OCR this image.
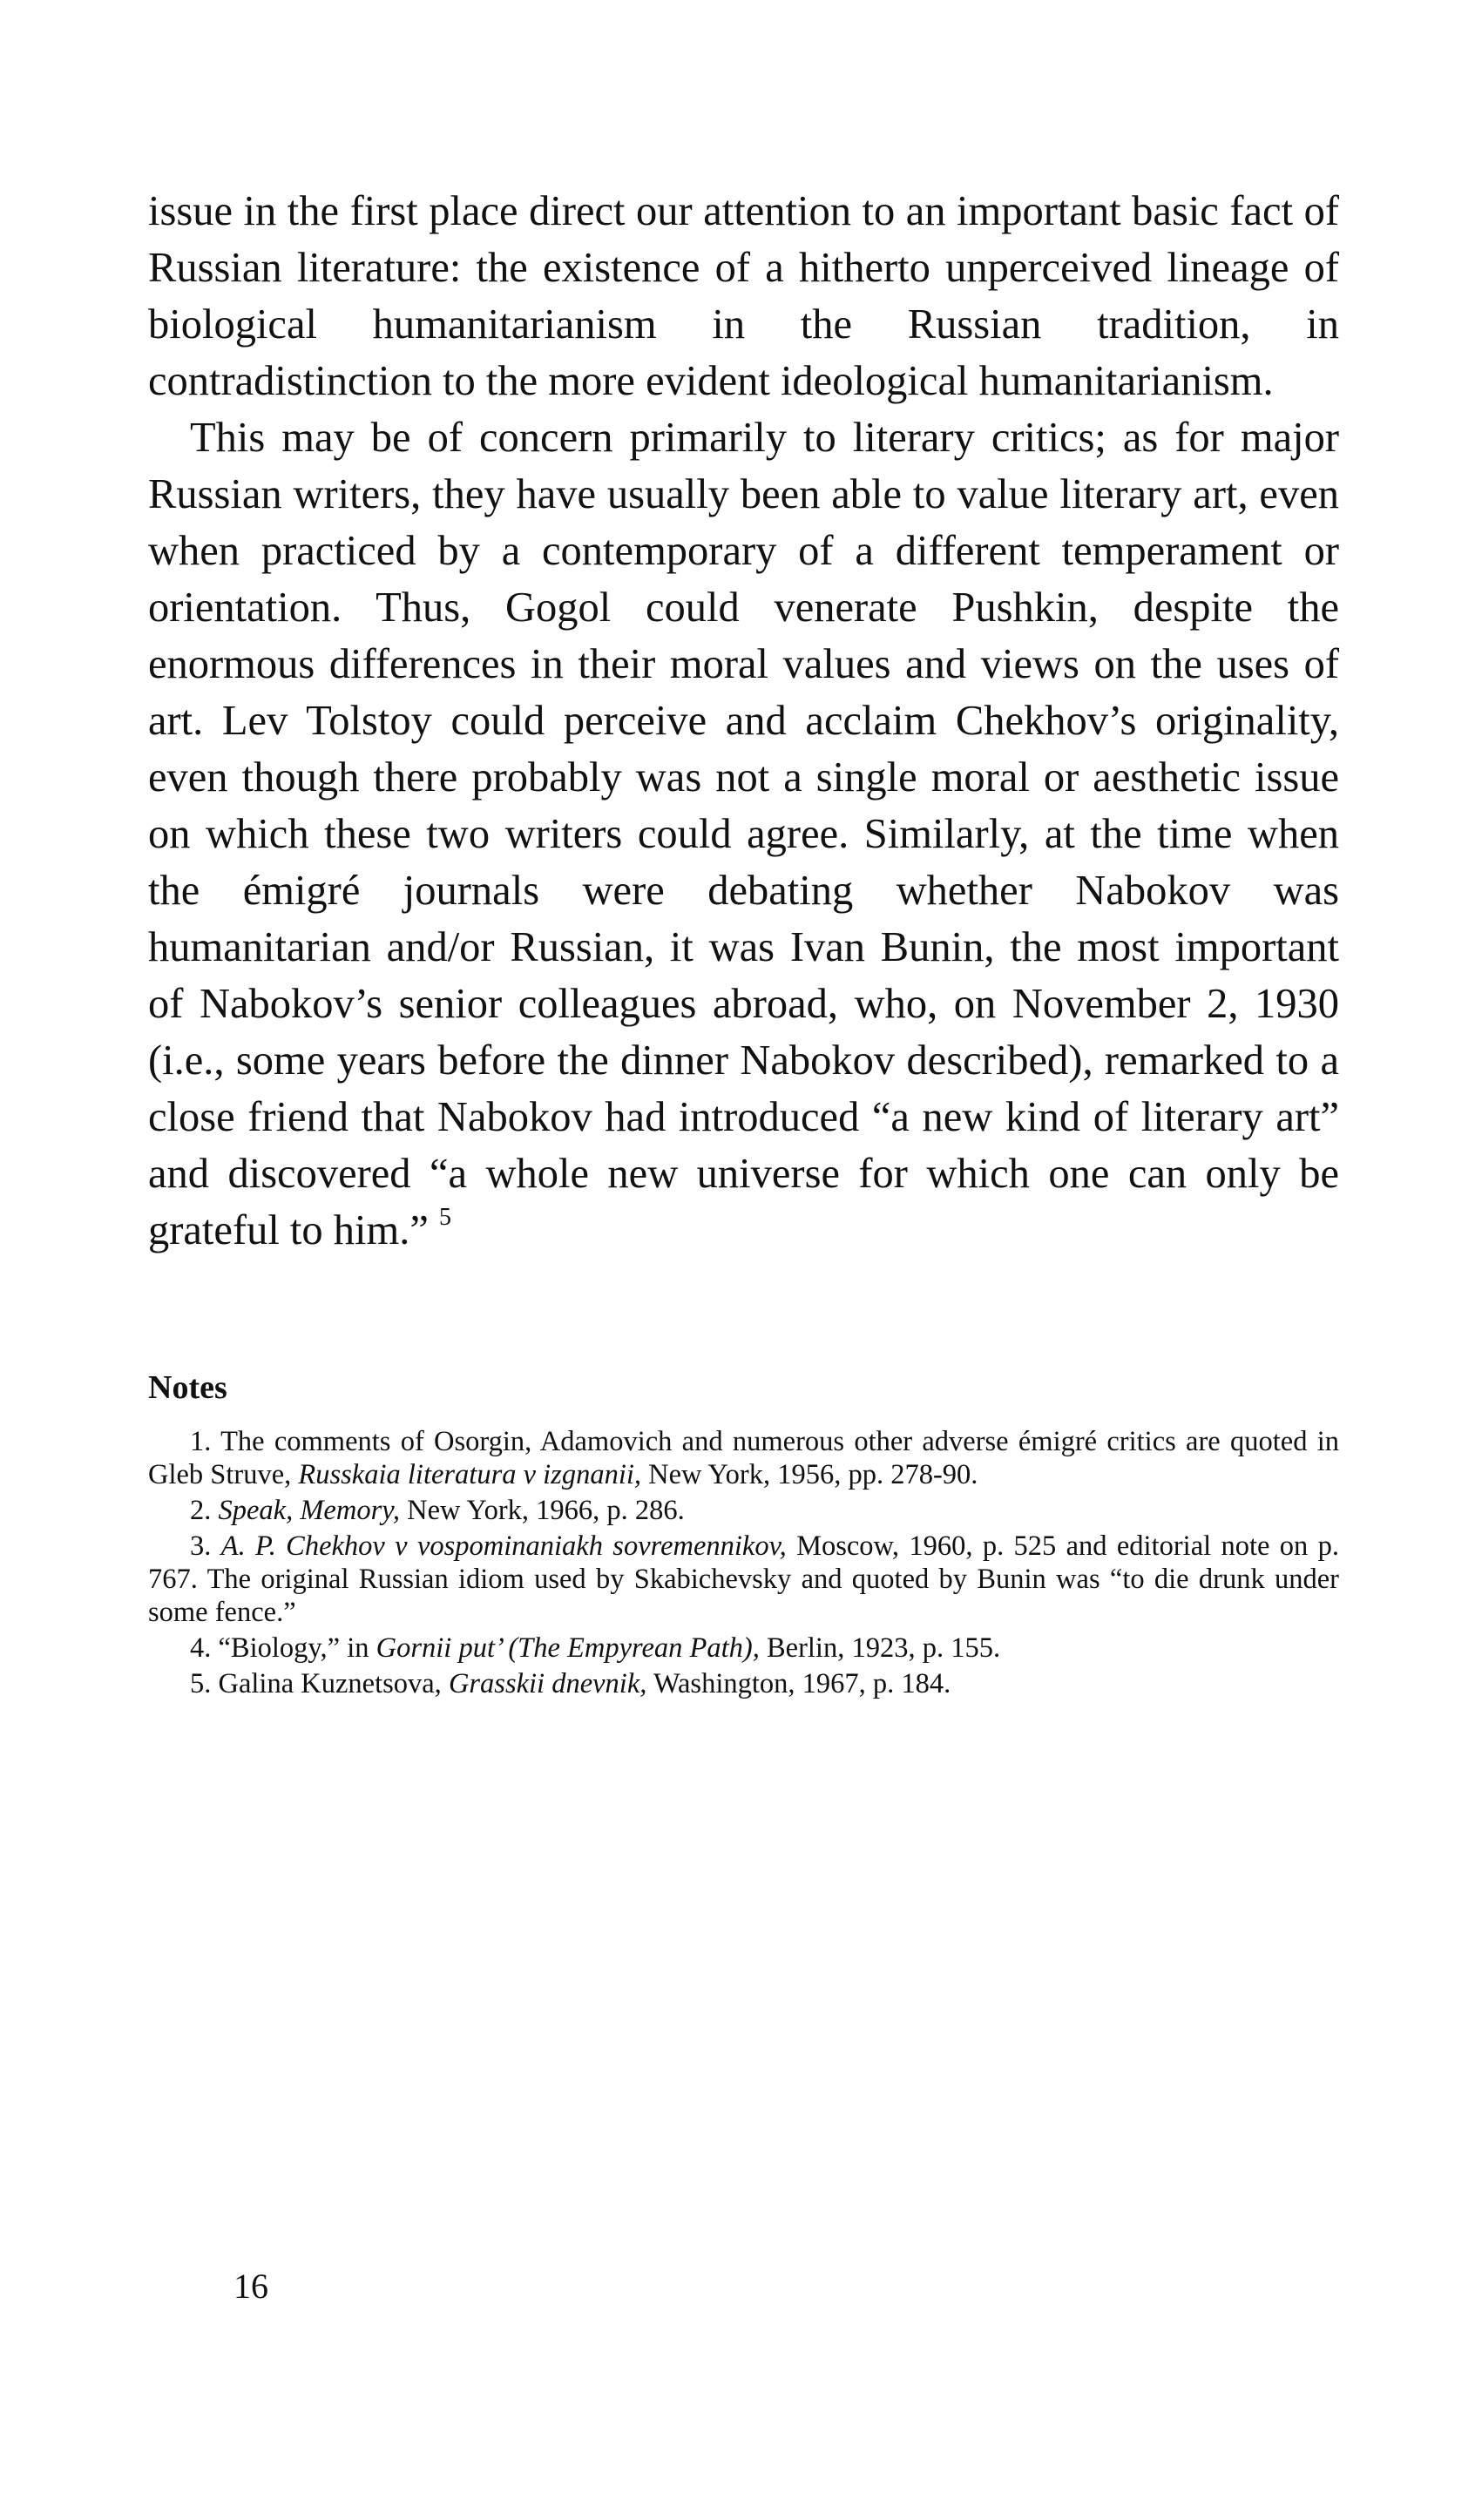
issue in the first place direct our attention to an important basic fact of Russian literature: the existence of a hitherto unperceived lineage of biological humanitarianism in the Russian tradition, in contradistinction to the more evident ideological humanitarianism.
This may be of concern primarily to literary critics; as for major Russian writers, they have usually been able to value literary art, even when practiced by a contemporary of a different temperament or orientation. Thus, Gogol could venerate Pushkin, despite the enormous differences in their moral values and views on the uses of art. Lev Tolstoy could perceive and acclaim Chekhov’s originality, even though there probably was not a single moral or aesthetic issue on which these two writers could agree. Similarly, at the time when the émigré journals were debating whether Nabokov was humanitarian and/or Russian, it was Ivan Bunin, the most important of Nabokov’s senior colleagues abroad, who, on November 2, 1930 (i.e., some years before the dinner Nabokov described), remarked to a close friend that Nabokov had introduced “a new kind of literary art” and discovered “a whole new universe for which one can only be grateful to him.” $^5$

Notes
1. The comments of Osorgin, Adamovich and numerous other adverse émigré critics are quoted in Gleb Struve, Russkaia literatura v izgnanii, New York, 1956, pp. 278-90.
2. Speak, Memory, New York, 1966, p. 286.
3. A. P. Chekhov v vospominaniakh sovremennikov, Moscow, 1960, p. 525 and editorial note on p. 767. The original Russian idiom used by Skabichevsky and quoted by Bunin was “to die drunk under some fence.”
4. “Biology,” in Gornii put’ (The Empyrean Path), Berlin, 1923, p. 155.
5. Galina Kuznetsova, Grasskii dnevnik, Washington, 1967, p. 184.
16
